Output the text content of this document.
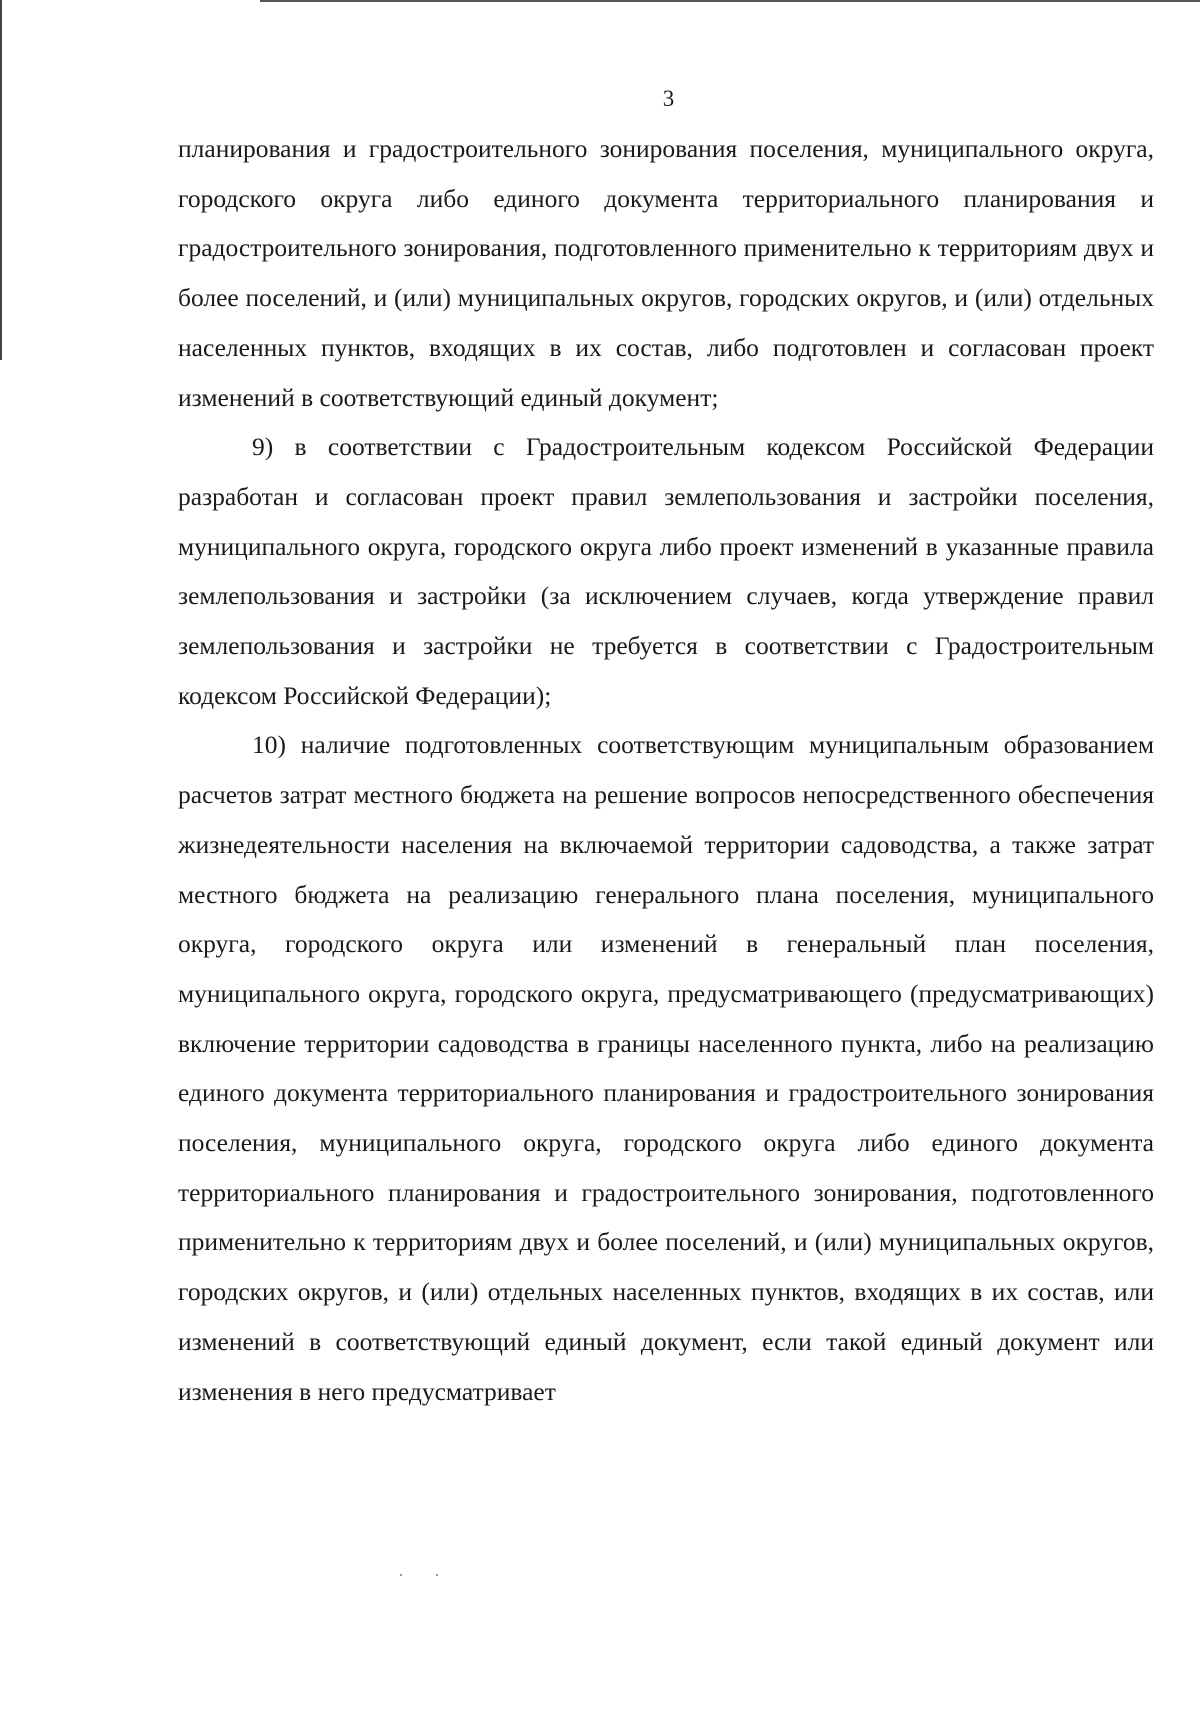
3

планирования и градостроительного зонирования поселения, муниципального округа, городского округа либо единого документа территориального планирования и градостроительного зонирования, подготовленного применительно к территориям двух и более поселений, и (или) муниципальных округов, городских округов, и (или) отдельных населенных пунктов, входящих в их состав, либо подготовлен и согласован проект изменений в соответствующий единый документ;

9) в соответствии с Градостроительным кодексом Российской Федерации разработан и согласован проект правил землепользования и застройки поселения, муниципального округа, городского округа либо проект изменений в указанные правила землепользования и застройки (за исключением случаев, когда утверждение правил землепользования и застройки не требуется в соответствии с Градостроительным кодексом Российской Федерации);

10) наличие подготовленных соответствующим муниципальным образованием расчетов затрат местного бюджета на решение вопросов непосредственного обеспечения жизнедеятельности населения на включаемой территории садоводства, а также затрат местного бюджета на реализацию генерального плана поселения, муниципального округа, городского округа или изменений в генеральный план поселения, муниципального округа, городского округа, предусматривающего (предусматривающих) включение территории садоводства в границы населенного пункта, либо на реализацию единого документа территориального планирования и градостроительного зонирования поселения, муниципального округа, городского округа либо единого документа территориального планирования и градостроительного зонирования, подготовленного применительно к территориям двух и более поселений, и (или) муниципальных округов, городских округов, и (или) отдельных населенных пунктов, входящих в их состав, или изменений в соответствующий единый документ, если такой единый документ или изменения в него предусматривает
